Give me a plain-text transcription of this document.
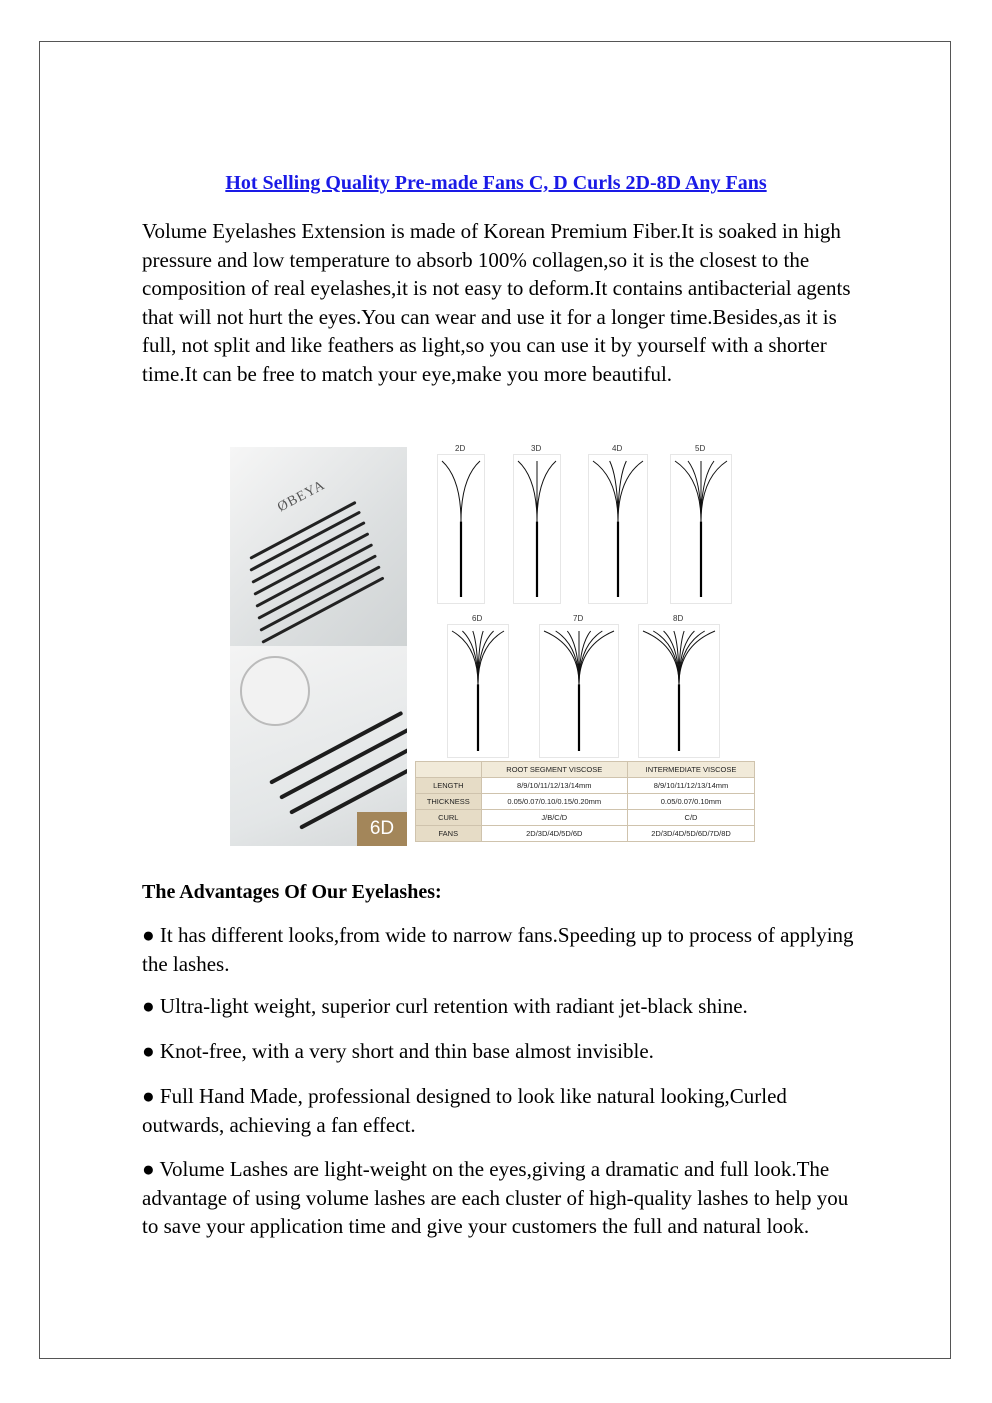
Hot Selling Quality Pre-made Fans C, D Curls 2D-8D Any Fans

Volume Eyelashes Extension is made of Korean Premium Fiber.It is soaked in high pressure and low temperature to absorb 100% collagen,so it is the closest to the composition of real eyelashes,it is not easy to deform.It contains antibacterial agents that will not hurt the eyes.You can wear and use it for a longer time.Besides,as it is full, not split and like feathers as light,so you can use it by yourself with a shorter time.It can be free to match your eye,make you more beautiful.

ØBEYA
6D
2D	3D	4D	5D
6D	7D	8D
	ROOT SEGMENT VISCOSE	INTERMEDIATE VISCOSE
LENGTH	8/9/10/11/12/13/14mm	8/9/10/11/12/13/14mm
THICKNESS	0.05/0.07/0.10/0.15/0.20mm	0.05/0.07/0.10mm
CURL	J/B/C/D	C/D
FANS	2D/3D/4D/5D/6D	2D/3D/4D/5D/6D/7D/8D
The Advantages Of Our Eyelashes:

● It has different looks,from wide to narrow fans.Speeding up to process of applying the lashes.

● Ultra-light weight, superior curl retention with radiant jet-black shine.

● Knot-free, with a very short and thin base almost invisible.

● Full Hand Made, professional designed to look like natural looking,Curled outwards, achieving a fan effect.

● Volume Lashes are light-weight on the eyes,giving a dramatic and full look.The advantage of using volume lashes are each cluster of high-quality lashes to help you to save your application time and give your customers the full and natural look.
